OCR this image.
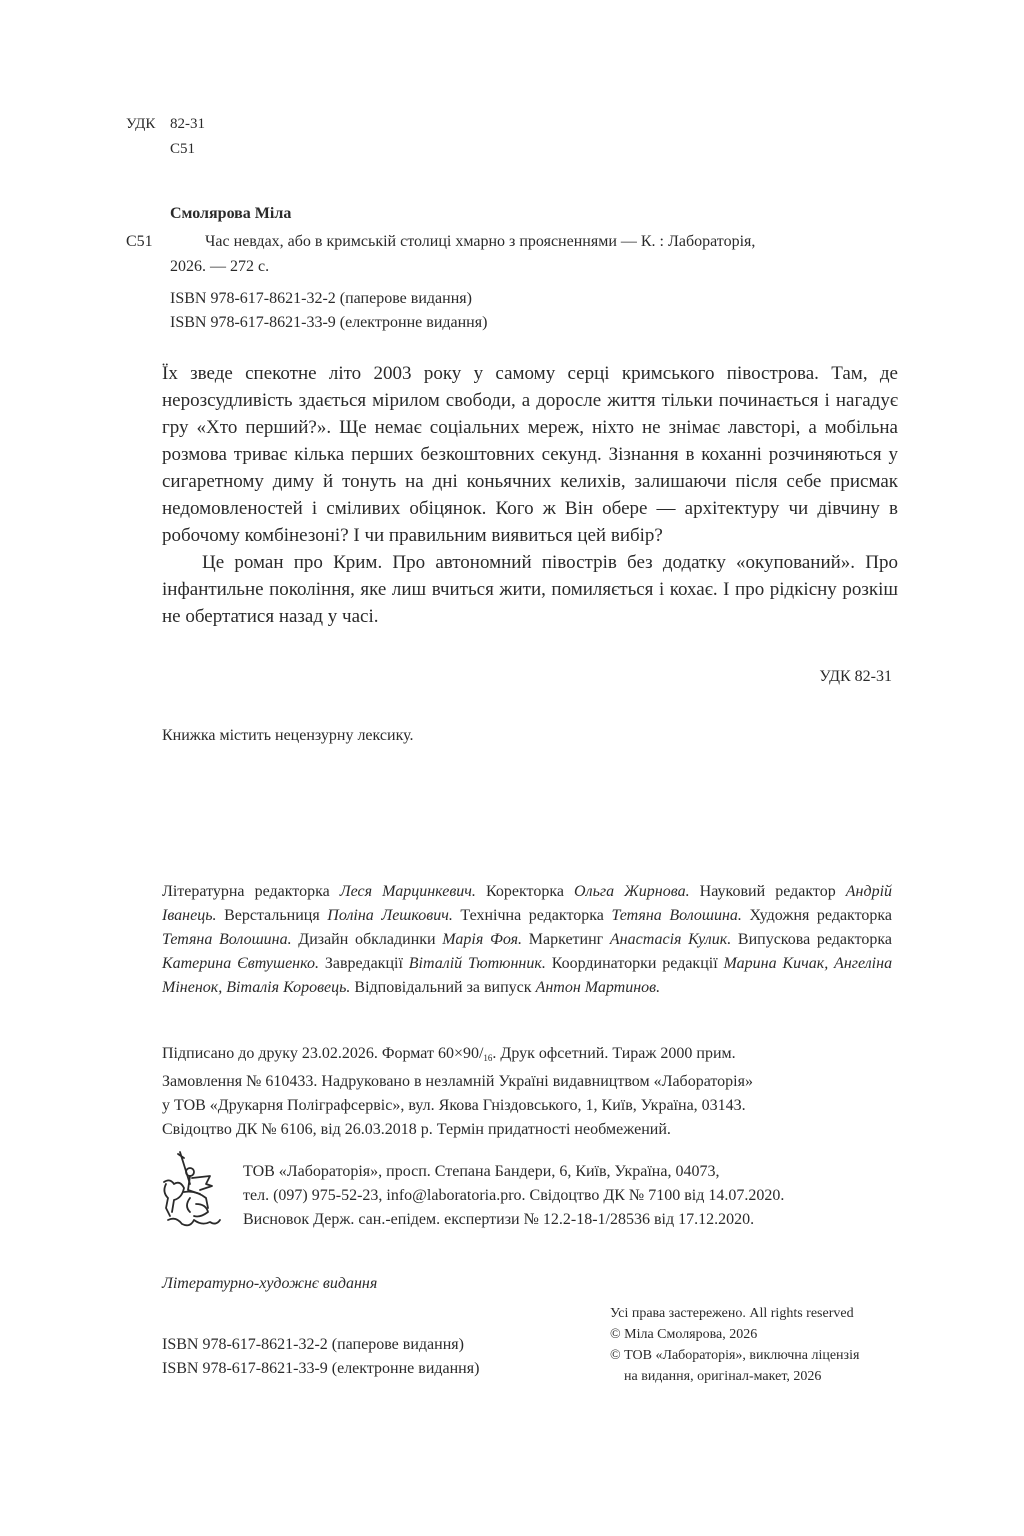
УДК 82-31
С51
Смолярова Міла
С51	Час невдах, або в кримській столиці хмарно з проясненнями — К. : Лабораторія,
2026. — 272 с.
ISBN 978-617-8621-32-2 (паперове видання)
ISBN 978-617-8621-33-9 (електронне видання)

Їх зведе спекотне літо 2003 року у самому серці кримського півострова. Там, де нерозсудливість здається мірилом свободи, а доросле життя тільки починається і нагадує гру «Хто перший?». Ще немає соціальних мереж, ніхто не знімає лавсторі, а мобільна розмова триває кілька перших безкоштовних секунд. Зізнання в коханні розчиняються у сигаретному диму й тонуть на дні коньячних келихів, залишаючи після себе присмак недомовленостей і сміливих обіцянок. Кого ж Він обере — архітектуру чи дівчину в робочому комбінезоні? І чи правильним виявиться цей вибір?

Це роман про Крим. Про автономний півострів без додатку «окупований». Про інфантильне покоління, яке лиш вчиться жити, помиляється і кохає. І про рідкісну розкіш не обертатися назад у часі.

УДК 82-31
Книжка містить нецензурну лексику.
Літературна редакторка Леся Марцинкевич. Коректорка Ольга Жирнова. Науковий редактор Андрій Іванець. Верстальниця Поліна Лешкович. Технічна редакторка Тетяна Волошина. Художня редакторка Тетяна Волошина. Дизайн обкладинки Марія Фоя. Маркетинг Анастасія Кулик. Випускова редакторка Катерина Євтушенко. Завредакції Віталій Тютюнник. Координаторки редакції Марина Кичак, Ангеліна Міненок, Віталія Коровець. Відповідальний за випуск Антон Мартинов.
Підписано до друку 23.02.2026. Формат $60\times 90/_{16}$. Друк офсетний. Тираж 2000 прим.
Замовлення № 610433. Надруковано в незламній Україні видавництвом «Лабораторія»
у ТОВ «Друкарня Поліграфсервіс», вул. Якова Гніздовського, 1, Київ, Україна, 03143.
Свідоцтво ДК № 6106, від 26.03.2018 р. Термін придатності необмежений.
ТОВ «Лабораторія», просп. Степана Бандери, 6, Київ, Україна, 04073,
тел. (097) 975-52-23, info@laboratoria.pro. Свідоцтво ДК № 7100 від 14.07.2020.
Висновок Держ. сан.-епідем. експертизи № 12.2-18-1/28536 від 17.12.2020.
Літературно-художнє видання
ISBN 978-617-8621-32-2 (паперове видання)
ISBN 978-617-8621-33-9 (електронне видання)
Усі права застережено. All rights reserved
© Міла Смолярова, 2026
© ТОВ «Лабораторія», виключна ліцензія
на видання, оригінал-макет, 2026
